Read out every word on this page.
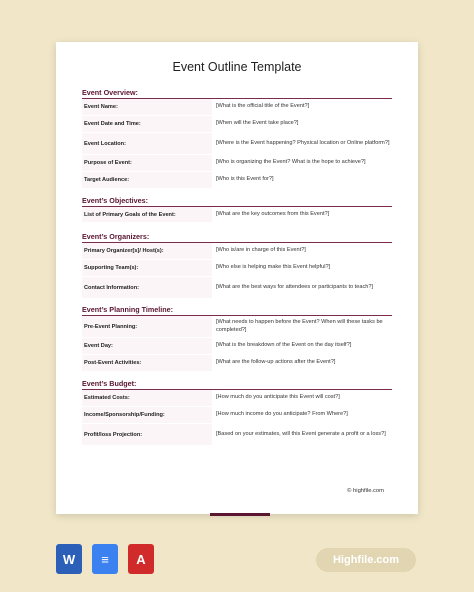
Event Outline Template
Event Overview:
Event Name:	[What is the official title of the Event?]
Event Date and Time:	[When will the Event take place?]
Event Location:	[Where is the Event happening? Physical location or Online platform?]
Purpose of Event:	[Who is organizing the Event? What is the hope to achieve?]
Target Audience:	[Who is this Event for?]
Event’s Objectives:
List of Primary Goals of the Event:	[What are the key outcomes from this Event?]
Event’s Organizers:
Primary Organizer[s]/ Host(s):	[Who is/are in charge of this Event?]
Supporting Team(s):	[Who else is helping make this Event helpful?]
Contact Information:	[What are the best ways for attendees or participants to teach?]
Event’s Planning Timeline:
Pre-Event Planning:
[What needs to happen before the Event? When will these tasks be completed?]
Event Day:	[What is the breakdown of the Event on the day itself?]
Post-Event Activities:	[What are the follow-up actions after the Event?]
Event’s Budget:
Estimated Costs:	[How much do you anticipate this Event will cost?]
Income/Sponsorship/Funding:	[How much income do you anticipate? From Where?]
Profit/loss Projection:	[Based on your estimates, will this Event generate a profit or a loss?]
© highfile.com
W	≡	A	Highfile.com
